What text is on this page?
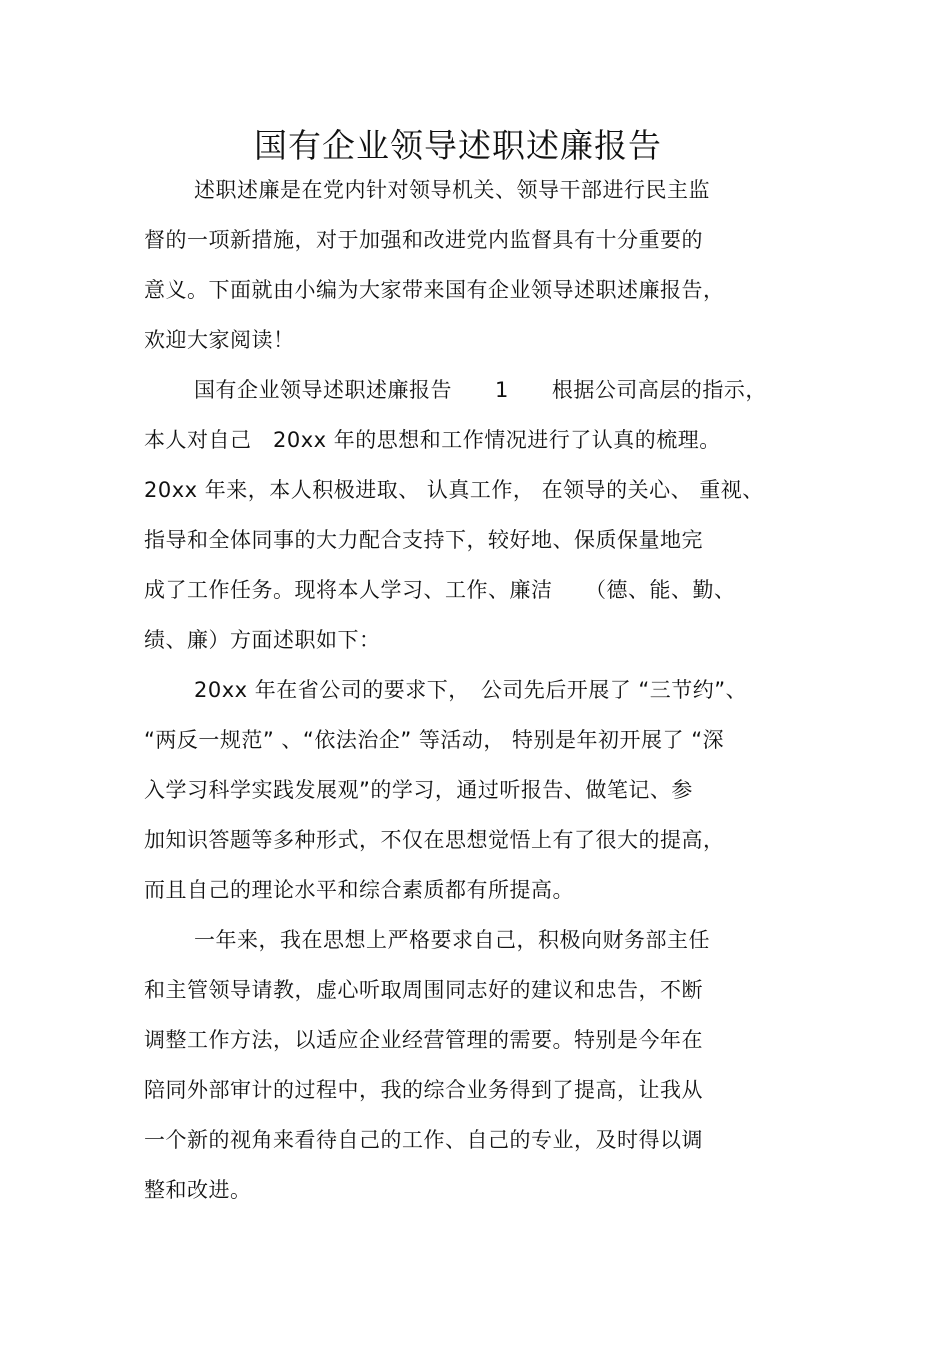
国有企业领导述职述廉报告
述职述廉是在党内针对领导机关、领导干部进行民主监
督的一项新措施，对于加强和改进党内监督具有十分重要的
意义。下面就由小编为大家带来国有企业领导述职述廉报告，
欢迎大家阅读！
国有企业领导述职述廉报告　　1　　根据公司高层的指示，
本人对自己　20xx 年的思想和工作情况进行了认真的梳理。
20xx 年来，本人积极进取、 认真工作， 在领导的关心、 重视、
指导和全体同事的大力配合支持下，较好地、保质保量地完
成了工作任务。现将本人学习、工作、廉洁　　（德、能、勤、
绩、廉）方面述职如下：
20xx 年在省公司的要求下，　公司先后开展了 “三节约”、
“两反一规范” 、“依法治企” 等活动， 特别是年初开展了 “深
入学习科学实践发展观”的学习，通过听报告、做笔记、参
加知识答题等多种形式，不仅在思想觉悟上有了很大的提高，
而且自己的理论水平和综合素质都有所提高。
一年来，我在思想上严格要求自己，积极向财务部主任
和主管领导请教，虚心听取周围同志好的建议和忠告，不断
调整工作方法，以适应企业经营管理的需要。特别是今年在
陪同外部审计的过程中，我的综合业务得到了提高，让我从
一个新的视角来看待自己的工作、自己的专业，及时得以调
整和改进。
